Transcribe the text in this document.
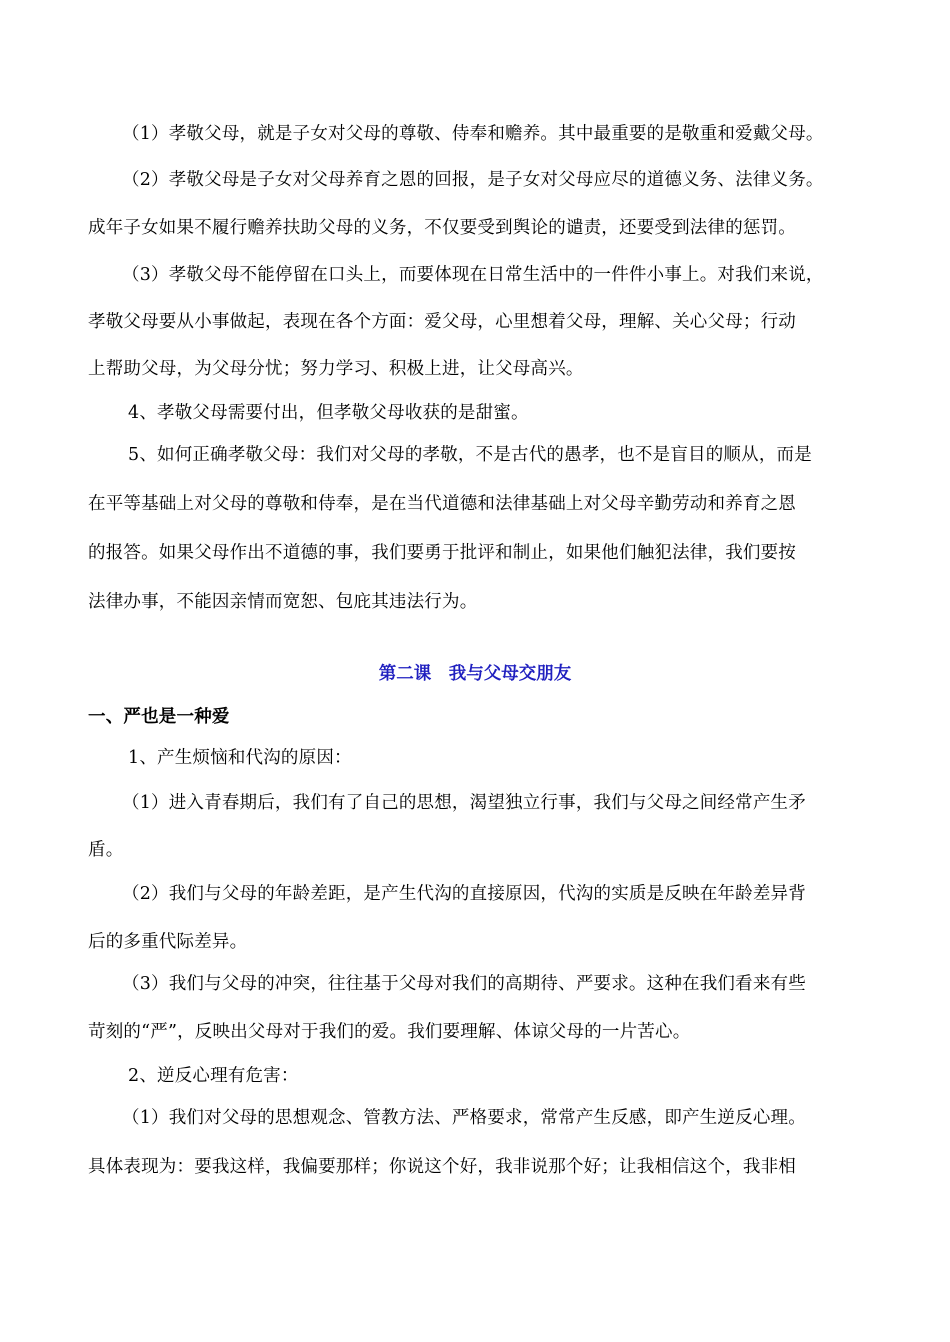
（1）孝敬父母，就是子女对父母的尊敬、侍奉和赡养。其中最重要的是敬重和爱戴父母。
（2）孝敬父母是子女对父母养育之恩的回报，是子女对父母应尽的道德义务、法律义务。
成年子女如果不履行赡养扶助父母的义务，不仅要受到舆论的谴责，还要受到法律的惩罚。
（3）孝敬父母不能停留在口头上，而要体现在日常生活中的一件件小事上。对我们来说，
孝敬父母要从小事做起，表现在各个方面：爱父母，心里想着父母，理解、关心父母；行动
上帮助父母，为父母分忧；努力学习、积极上进，让父母高兴。
4、孝敬父母需要付出，但孝敬父母收获的是甜蜜。
5、如何正确孝敬父母：我们对父母的孝敬，不是古代的愚孝，也不是盲目的顺从，而是
在平等基础上对父母的尊敬和侍奉，是在当代道德和法律基础上对父母辛勤劳动和养育之恩
的报答。如果父母作出不道德的事，我们要勇于批评和制止，如果他们触犯法律，我们要按
法律办事，不能因亲情而宽恕、包庇其违法行为。
第二课　我与父母交朋友
一、严也是一种爱
1、产生烦恼和代沟的原因：
（1）进入青春期后，我们有了自己的思想，渴望独立行事，我们与父母之间经常产生矛
盾。
（2）我们与父母的年龄差距，是产生代沟的直接原因，代沟的实质是反映在年龄差异背
后的多重代际差异。
（3）我们与父母的冲突，往往基于父母对我们的高期待、严要求。这种在我们看来有些
苛刻的“严”，反映出父母对于我们的爱。我们要理解、体谅父母的一片苦心。
2、逆反心理有危害：
（1）我们对父母的思想观念、管教方法、严格要求，常常产生反感，即产生逆反心理。
具体表现为：要我这样，我偏要那样；你说这个好，我非说那个好；让我相信这个，我非相
